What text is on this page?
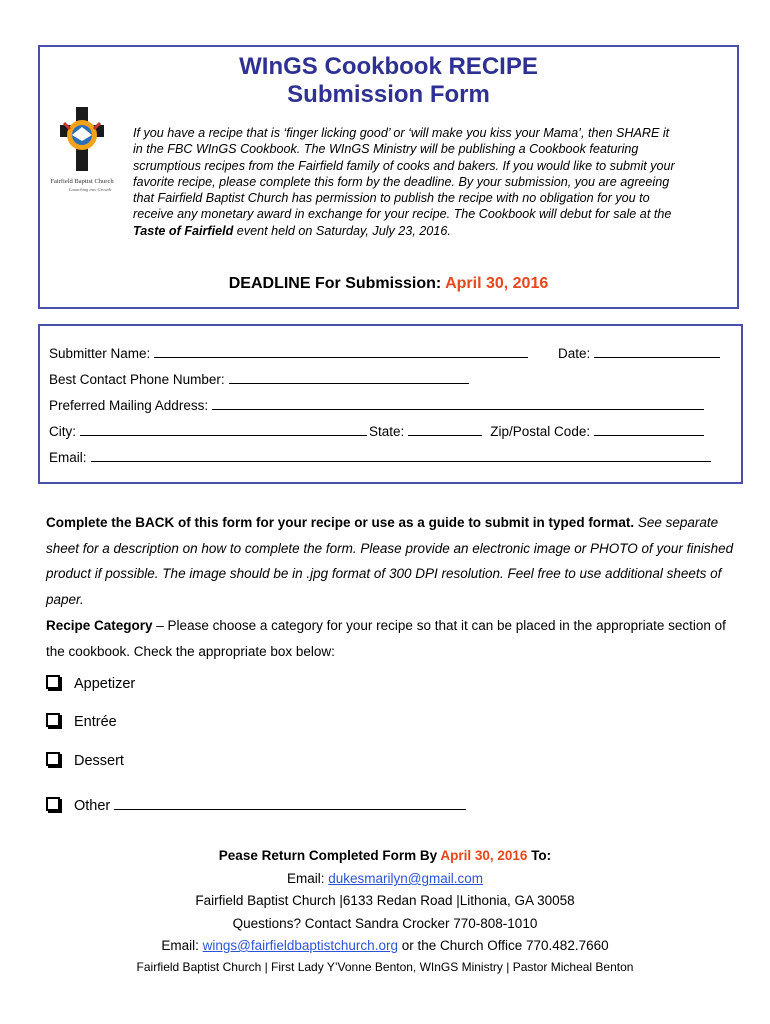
WInGS Cookbook RECIPE
Submission Form
Fairfield Baptist Church
Launching into Growth

If you have a recipe that is ‘finger licking good’ or ‘will make you kiss your Mama’, then SHARE it in the FBC WInGS Cookbook. The WInGS Ministry will be publishing a Cookbook featuring scrumptious recipes from the Fairfield family of cooks and bakers. If you would like to submit your favorite recipe, please complete this form by the deadline. By your submission, you are agreeing that Fairfield Baptist Church has permission to publish the recipe with no obligation for you to receive any monetary award in exchange for your recipe. The Cookbook will debut for sale at the Taste of Fairfield event held on Saturday, July 23, 2016.

DEADLINE For Submission: April 30, 2016
Submitter Name:	Date:
Best Contact Phone Number:
Preferred Mailing Address:
City:	State:	Zip/Postal Code:
Email:

Complete the BACK of this form for your recipe or use as a guide to submit in typed format. See separate sheet for a description on how to complete the form. Please provide an electronic image or PHOTO of your finished product if possible. The image should be in .jpg format of 300 DPI resolution. Feel free to use additional sheets of paper.
Recipe Category – Please choose a category for your recipe so that it can be placed in the appropriate section of the cookbook. Check the appropriate box below:

Appetizer
Entrée
Dessert
Other
Pease Return Completed Form By April 30, 2016 To:
Email: dukesmarilyn@gmail.com
Fairfield Baptist Church |6133 Redan Road |Lithonia, GA 30058
Questions? Contact Sandra Crocker 770-808-1010
Email: wings@fairfieldbaptistchurch.org or the Church Office 770.482.7660
Fairfield Baptist Church | First Lady Y’Vonne Benton, WInGS Ministry | Pastor Micheal Benton
